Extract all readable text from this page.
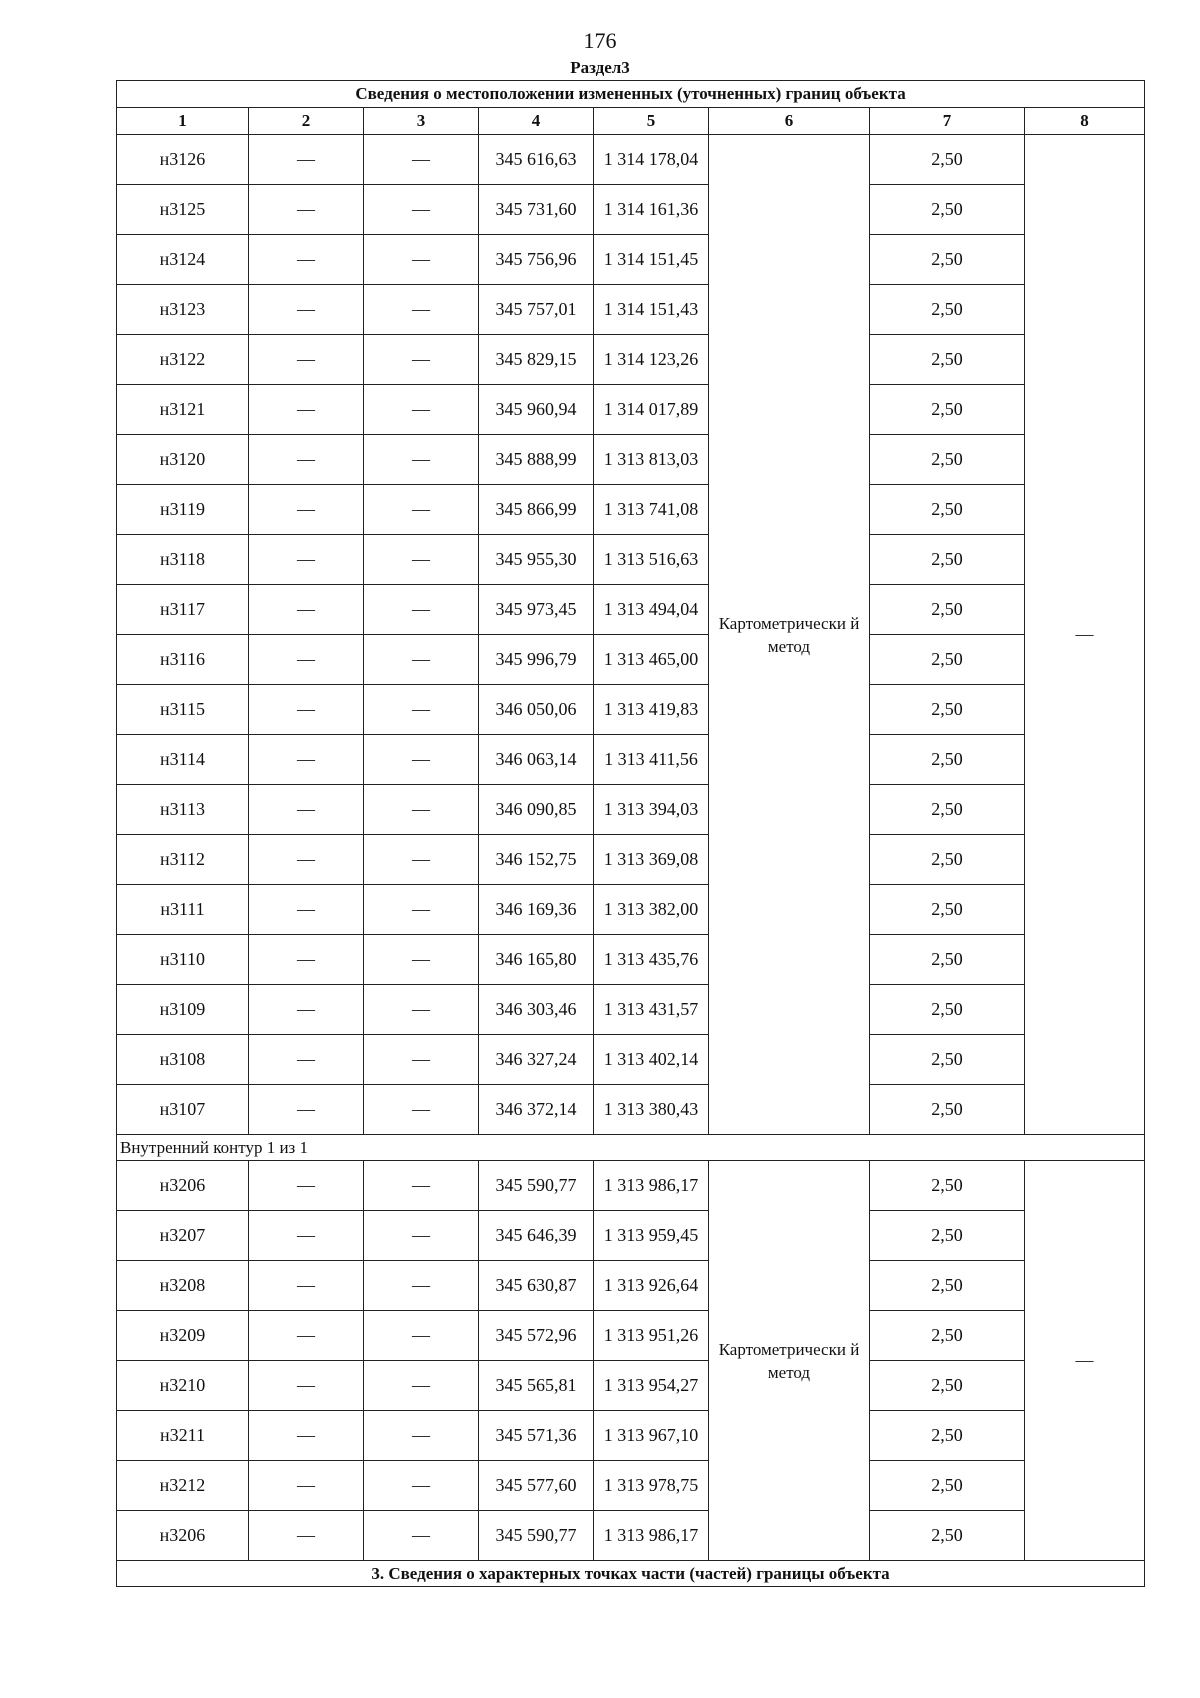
176
Раздел3
Сведения о местоположении измененных (уточненных) границ объекта							
1	2	3	4	5	6	7	8
н3126	—	—	345 616,63	1 314 178,04	Картометрически й метод	2,50	—
н3125	—	—	345 731,60	1 314 161,36		2,50	
н3124	—	—	345 756,96	1 314 151,45		2,50	
н3123	—	—	345 757,01	1 314 151,43		2,50	
н3122	—	—	345 829,15	1 314 123,26		2,50	
н3121	—	—	345 960,94	1 314 017,89		2,50	
н3120	—	—	345 888,99	1 313 813,03		2,50	
н3119	—	—	345 866,99	1 313 741,08		2,50	
н3118	—	—	345 955,30	1 313 516,63		2,50	
н3117	—	—	345 973,45	1 313 494,04		2,50	
н3116	—	—	345 996,79	1 313 465,00		2,50	
н3115	—	—	346 050,06	1 313 419,83		2,50	
н3114	—	—	346 063,14	1 313 411,56		2,50	
н3113	—	—	346 090,85	1 313 394,03		2,50	
н3112	—	—	346 152,75	1 313 369,08		2,50	
н3111	—	—	346 169,36	1 313 382,00		2,50	
н3110	—	—	346 165,80	1 313 435,76		2,50	
н3109	—	—	346 303,46	1 313 431,57		2,50	
н3108	—	—	346 327,24	1 313 402,14		2,50	
н3107	—	—	346 372,14	1 313 380,43		2,50	
Внутренний контур 1 из 1							
н3206	—	—	345 590,77	1 313 986,17	Картометрически й метод	2,50	—
н3207	—	—	345 646,39	1 313 959,45		2,50	
н3208	—	—	345 630,87	1 313 926,64		2,50	
н3209	—	—	345 572,96	1 313 951,26		2,50	
н3210	—	—	345 565,81	1 313 954,27		2,50	
н3211	—	—	345 571,36	1 313 967,10		2,50	
н3212	—	—	345 577,60	1 313 978,75		2,50	
н3206	—	—	345 590,77	1 313 986,17		2,50	
3. Сведения о характерных точках части (частей) границы объекта							
